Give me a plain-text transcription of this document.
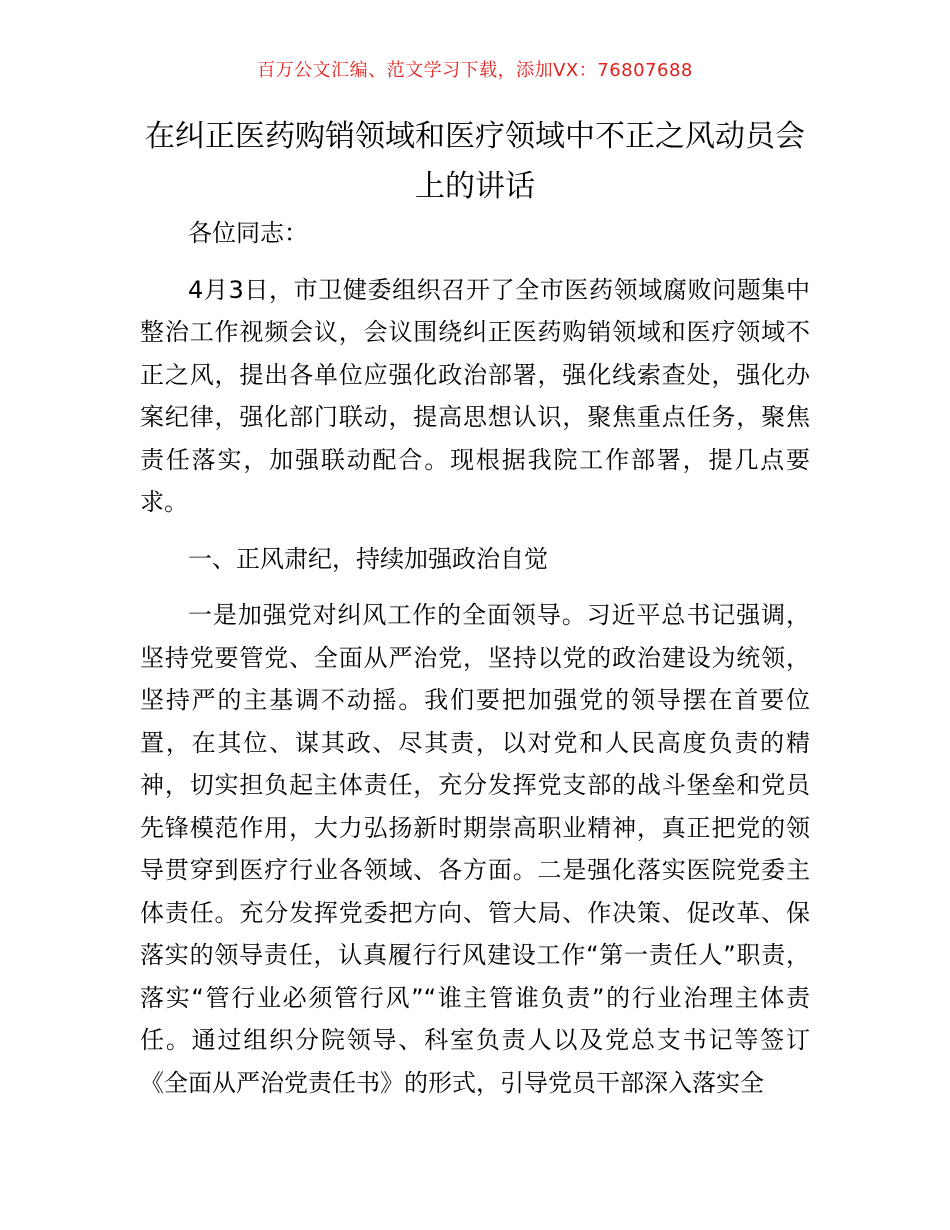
百万公文汇编、范文学习下载，添加VX：76807688
在纠正医药购销领域和医疗领域中不正之风动员会上的讲话

各位同志：

4月3日，市卫健委组织召开了全市医药领域腐败问题集中整治工作视频会议，会议围绕纠正医药购销领域和医疗领域不正之风，提出各单位应强化政治部署，强化线索查处，强化办案纪律，强化部门联动，提高思想认识，聚焦重点任务，聚焦责任落实，加强联动配合。现根据我院工作部署，提几点要求。

一、正风肃纪，持续加强政治自觉

一是加强党对纠风工作的全面领导。习近平总书记强调，坚持党要管党、全面从严治党，坚持以党的政治建设为统领，坚持严的主基调不动摇。我们要把加强党的领导摆在首要位置，在其位、谋其政、尽其责，以对党和人民高度负责的精神，切实担负起主体责任，充分发挥党支部的战斗堡垒和党员先锋模范作用，大力弘扬新时期崇高职业精神，真正把党的领导贯穿到医疗行业各领域、各方面。二是强化落实医院党委主体责任。充分发挥党委把方向、管大局、作决策、促改革、保落实的领导责任，认真履行行风建设工作“第一责任人”职责，落实“管行业必须管行风”“谁主管谁负责”的行业治理主体责任。通过组织分院领导、科室负责人以及党总支书记等签订《全面从严治党责任书》的形式，引导党员干部深入落实全
